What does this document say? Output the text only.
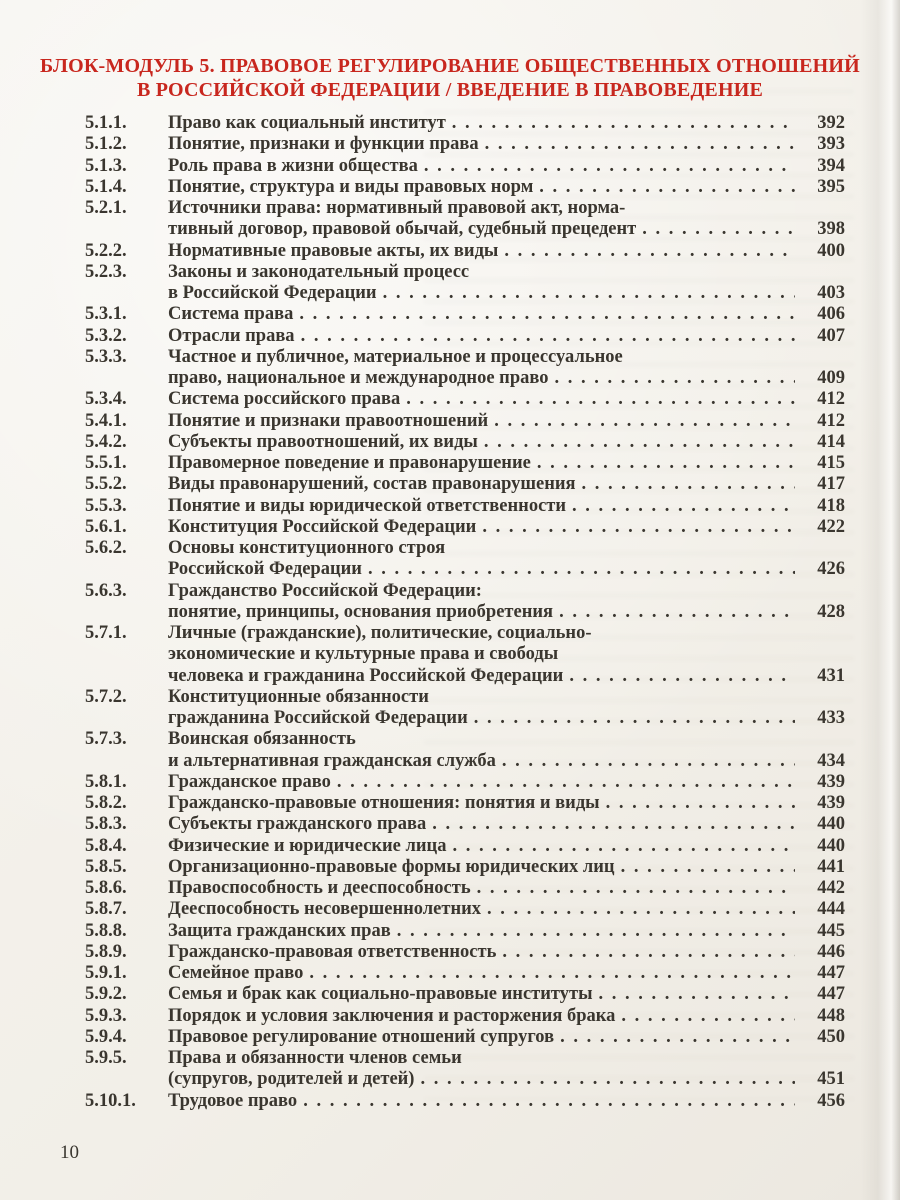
БЛОК-МОДУЛЬ 5. ПРАВОВОЕ РЕГУЛИРОВАНИЕ ОБЩЕСТВЕННЫХ ОТНОШЕНИЙ
В РОССИЙСКОЙ ФЕДЕРАЦИИ / ВВЕДЕНИЕ В ПРАВОВЕДЕНИЕ
5.1.1.	Право как социальный институт . . .	392
5.1.2.	Понятие, признаки и функции права . . .	393
5.1.3.	Роль права в жизни общества . . .	394
5.1.4.	Понятие, структура и виды правовых норм . . .	395
5.2.1.	Источники права: нормативный правовой акт, норма-
тивный договор, правовой обычай, судебный прецедент . . .	398
5.2.2.	Нормативные правовые акты, их виды . . .	400
5.2.3.	Законы и законодательный процесс
в Российской Федерации . . .	403
5.3.1.	Система права . . .	406
5.3.2.	Отрасли права . . .	407
5.3.3.	Частное и публичное, материальное и процессуальное
право, национальное и международное право . . .	409
5.3.4.	Система российского права . . .	412
5.4.1.	Понятие и признаки правоотношений . . .	412
5.4.2.	Субъекты правоотношений, их виды . . .	414
5.5.1.	Правомерное поведение и правонарушение . . .	415
5.5.2.	Виды правонарушений, состав правонарушения . . .	417
5.5.3.	Понятие и виды юридической ответственности . . .	418
5.6.1.	Конституция Российской Федерации . . .	422
5.6.2.	Основы конституционного строя
Российской Федерации . . .	426
5.6.3.	Гражданство Российской Федерации:
понятие, принципы, основания приобретения . . .	428
5.7.1.	Личные (гражданские), политические, социально-
экономические и культурные права и свободы
человека и гражданина Российской Федерации . . .	431
5.7.2.	Конституционные обязанности
гражданина Российской Федерации . . .	433
5.7.3.	Воинская обязанность
и альтернативная гражданская служба . . .	434
5.8.1.	Гражданское право . . .	439
5.8.2.	Гражданско-правовые отношения: понятия и виды . . .	439
5.8.3.	Субъекты гражданского права . . .	440
5.8.4.	Физические и юридические лица . . .	440
5.8.5.	Организационно-правовые формы юридических лиц . . .	441
5.8.6.	Правоспособность и дееспособность . . .	442
5.8.7.	Дееспособность несовершеннолетних . . .	444
5.8.8.	Защита гражданских прав . . .	445
5.8.9.	Гражданско-правовая ответственность . . .	446
5.9.1.	Семейное право . . .	447
5.9.2.	Семья и брак как социально-правовые институты . . .	447
5.9.3.	Порядок и условия заключения и расторжения брака . . .	448
5.9.4.	Правовое регулирование отношений супругов . . .	450
5.9.5.	Права и обязанности членов семьи
(супругов, родителей и детей) . . .	451
5.10.1.	Трудовое право . . .	456
10
